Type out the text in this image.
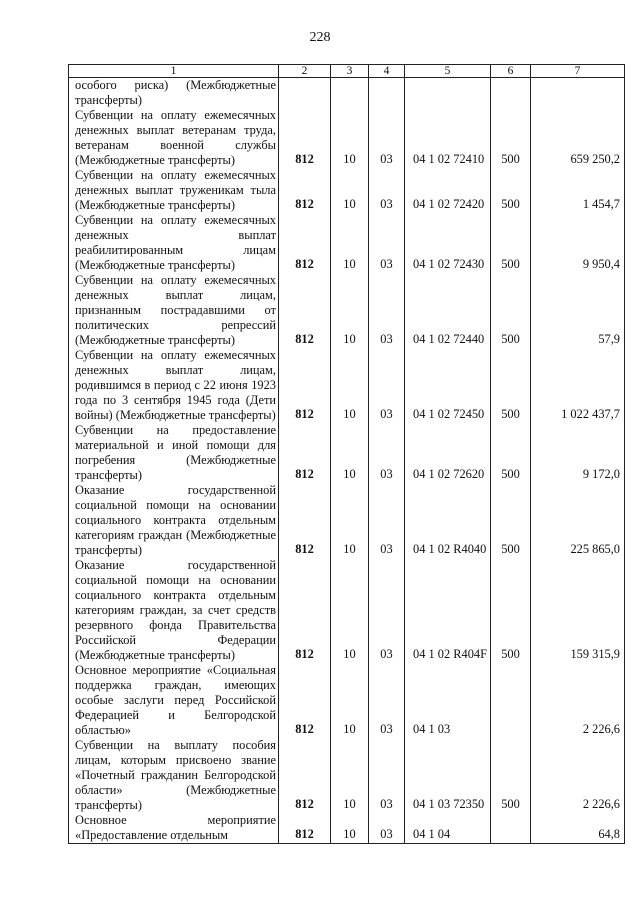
228
1	2	3	4	5	6	7
особого риска) (Межбюджетные трансферты)						
Субвенции на оплату ежемесячных денежных выплат ветеранам труда, ветеранам военной службы (Межбюджетные трансферты)	812	10	03	04 1 02 72410	500	659 250,2
Субвенции на оплату ежемесячных денежных выплат труженикам тыла (Межбюджетные трансферты)	812	10	03	04 1 02 72420	500	1 454,7
Субвенции на оплату ежемесячных денежных выплат реабилитированным лицам (Межбюджетные трансферты)	812	10	03	04 1 02 72430	500	9 950,4
Субвенции на оплату ежемесячных денежных выплат лицам, признанным пострадавшими от политических репрессий (Межбюджетные трансферты)	812	10	03	04 1 02 72440	500	57,9
Субвенции на оплату ежемесячных денежных выплат лицам, родившимся в период с 22 июня 1923 года по 3 сентября 1945 года (Дети войны) (Межбюджетные трансферты)	812	10	03	04 1 02 72450	500	1 022 437,7
Субвенции на предоставление материальной и иной помощи для погребения (Межбюджетные трансферты)	812	10	03	04 1 02 72620	500	9 172,0
Оказание государственной социальной помощи на основании социального контракта отдельным категориям граждан (Межбюджетные трансферты)	812	10	03	04 1 02 R4040	500	225 865,0
Оказание государственной социальной помощи на основании социального контракта отдельным категориям граждан, за счет средств резервного фонда Правительства Российской Федерации (Межбюджетные трансферты)	812	10	03	04 1 02 R404F	500	159 315,9
Основное мероприятие «Социальная поддержка граждан, имеющих особые заслуги перед Российской Федерацией и Белгородской областью»	812	10	03	04 1 03		2 226,6
Субвенции на выплату пособия лицам, которым присвоено звание «Почетный гражданин Белгородской области» (Межбюджетные трансферты)	812	10	03	04 1 03 72350	500	2 226,6
Основное мероприятие «Предоставление отдельным	812	10	03	04 1 04		64,8
